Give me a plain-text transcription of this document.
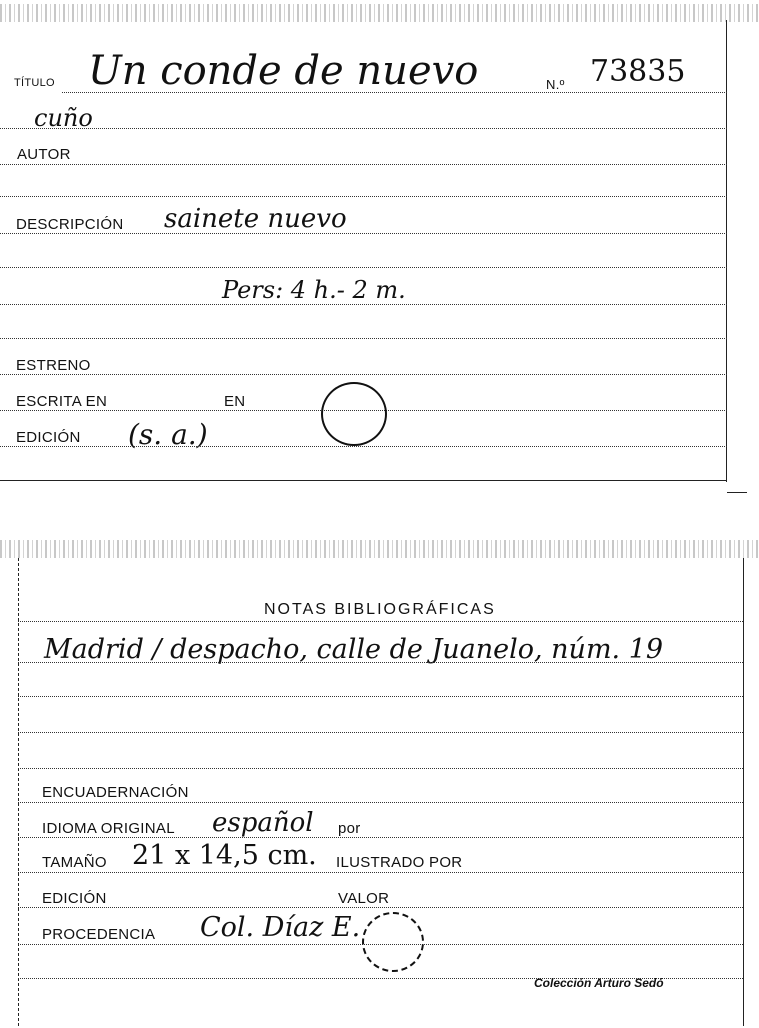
TÍTULO Un conde de nuevo	N.º 73835
cuño
AUTOR
DESCRIPCIÓN sainete nuevo
Pers: 4 h.- 2 m.
ESTRENO
ESCRITA EN	EN
EDICIÓN (s. a.)
NOTAS BIBLIOGRÁFICAS
Madrid / despacho, calle de Juanelo, núm. 19
ENCUADERNACIÓN
IDIOMA ORIGINAL español por
TAMAÑO 21 x 14,5 cm. ILUSTRADO POR
EDICIÓN	VALOR
PROCEDENCIA Col. Díaz E.
Colección Arturo Sedó
